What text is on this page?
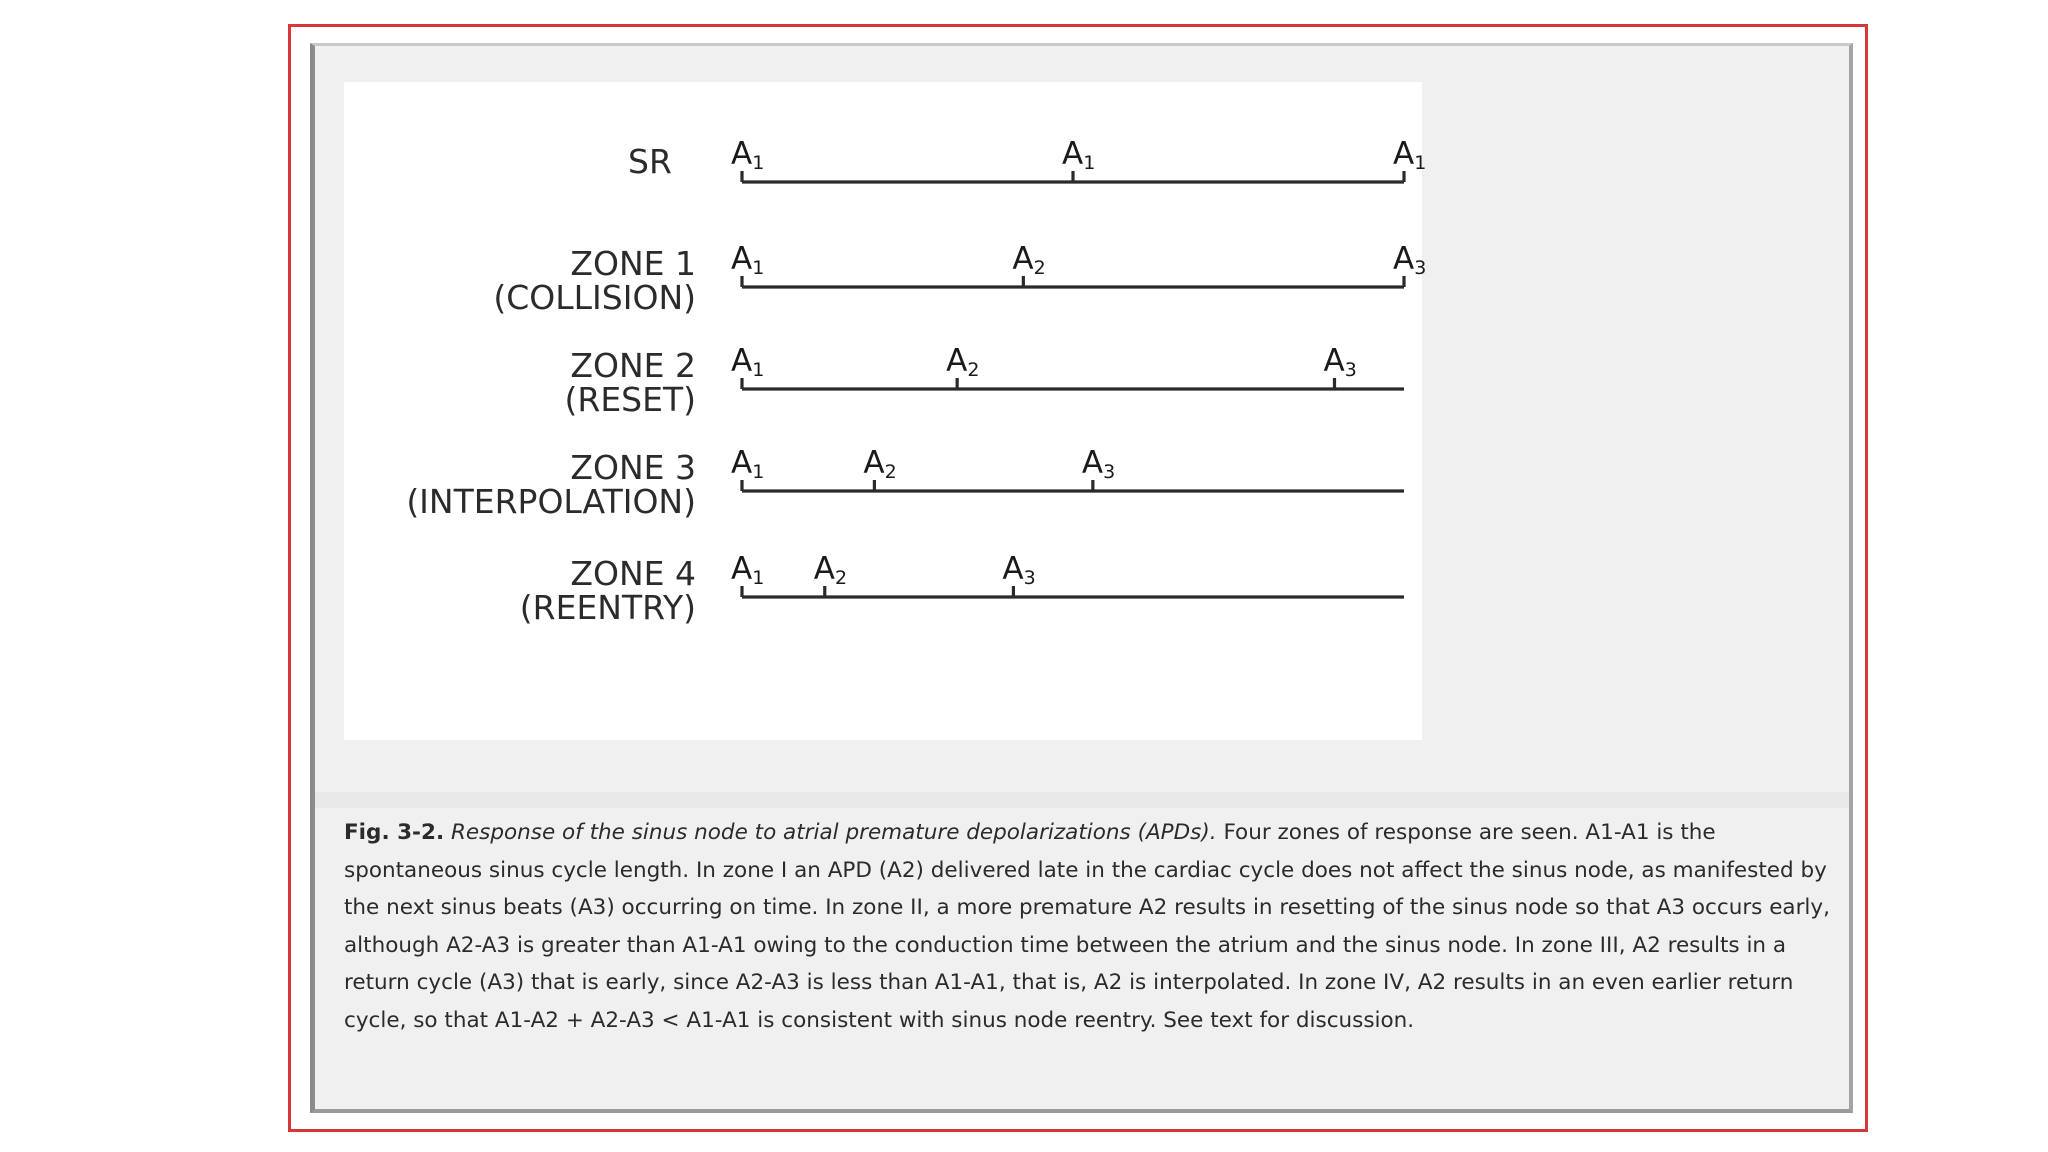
SR A1	A1	A1
ZONE 1
(COLLISION)
A1	A2	A3
ZONE 2
(RESET)
A1	A2	A3
ZONE 3
(INTERPOLATION)
A1	A2	A3
ZONE 4
(REENTRY)
A1 A2	A3

Fig. 3-2. Response of the sinus node to atrial premature depolarizations (APDs). Four zones of response are seen. A1-A1 is the spontaneous sinus cycle length. In zone I an APD (A2) delivered late in the cardiac cycle does not affect the sinus node, as manifested by the next sinus beats (A3) occurring on time. In zone II, a more premature A2 results in resetting of the sinus node so that A3 occurs early, although A2-A3 is greater than A1-A1 owing to the conduction time between the atrium and the sinus node. In zone III, A2 results in a return cycle (A3) that is early, since A2-A3 is less than A1-A1, that is, A2 is interpolated. In zone IV, A2 results in an even earlier return cycle, so that A1-A2 + A2-A3 < A1-A1 is consistent with sinus node reentry. See text for discussion.
